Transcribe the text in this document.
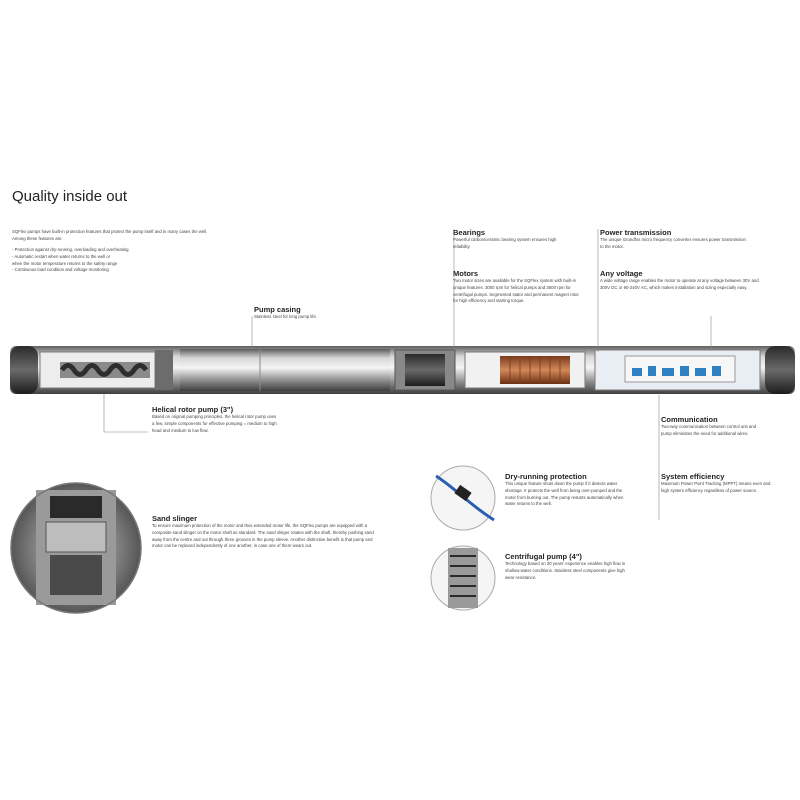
Quality inside out
SQFlex pumps have built-in protection features that protect the pump itself and in many cases the well. Among these features are:
- Protection against dry-running, overloading and overheating
- Automatic restart when water returns to the well or
when the motor temperature returns to the safety range
- Continuous load condition and voltage monitoring
Pump casing
Stainless steel for long pump life.
Bearings
Powerful carbon/ceramic bearing system ensures high reliability.
Motors
Two motor sizes are available for the SQFlex system with built-in unique features. 3000 rpm for helical pumps and 3600 rpm for centrifugal pumps. Segmented stator and permanent magnet rotor for high efficiency and starting torque.
Power transmission
The unique Grundfos micro frequency converter ensures power transmission to the motor.
Any voltage
A wide voltage range enables the motor to operate at any voltage between 30V and 300V DC or 90-240V AC, which makes installation and sizing especially easy.
Helical rotor pump (3")
Based on original pumping principles, the helical rotor pump uses a few, simple components for effective pumping = medium to high head and medium to low flow.
Communication
Two-way communication between control unit and pump eliminates the need for additional wires.
Dry-running protection
This unique feature shuts down the pump if it detects water shortage. It protects the well from being over-pumped and the motor from burning out. The pump restarts automatically when water returns to the well.
System efficiency
Maximum Power Point Tracking (MPPT) means even and high system efficiency regardless of power source.
Sand slinger
To ensure maximum protection of the motor and thus extended motor life, the SQFlex pumps are equipped with a composite sand slinger on the motor shaft as standard. The sand slinger rotates with the shaft, thereby pushing sand away from the centre and out through three grooves in the pump sleeve. Another distinctive benefit is that pump and motor can be replaced independently of one another, in case one of them wears out.
Centrifugal pump (4")
Technology based on 30 years' experience enables high flow in shallow-water conditions. Stainless steel components give high wear resistance.
